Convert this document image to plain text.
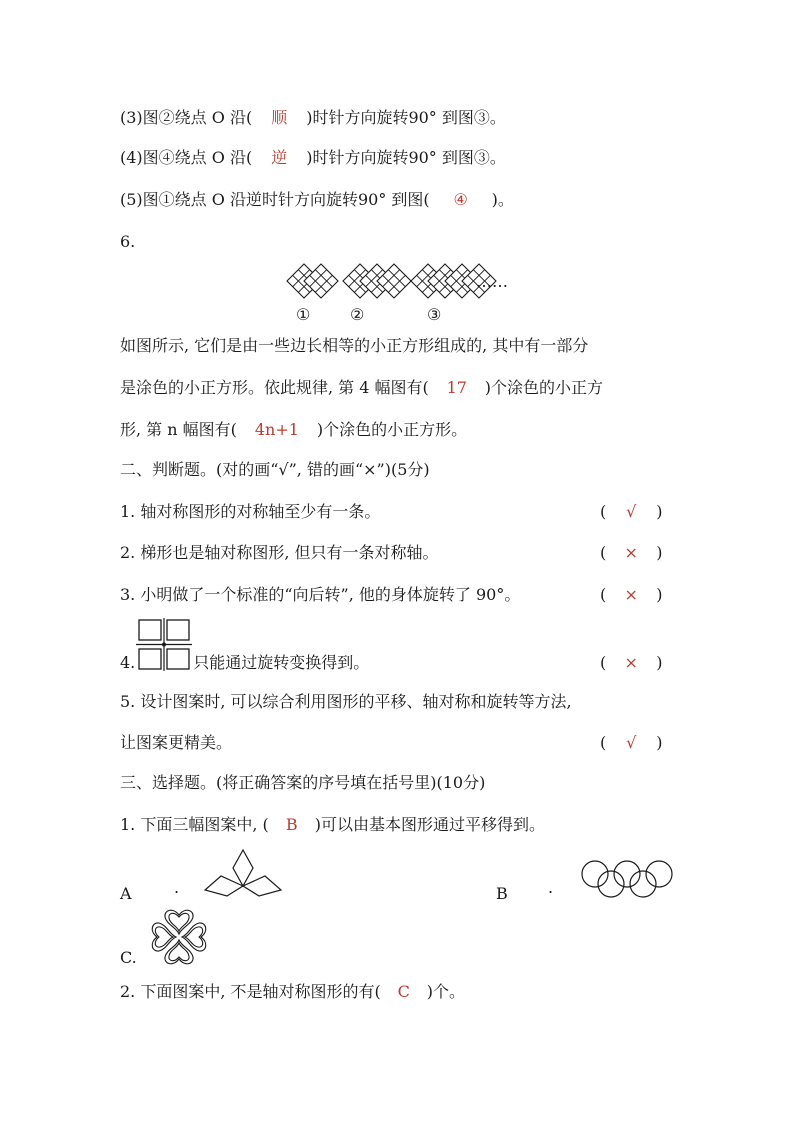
(3)图②绕点 O 沿( 顺 )时针方向旋转90° 到图③。
(4)图④绕点 O 沿( 逆 )时针方向旋转90° 到图③。
(5)图①绕点 O 沿逆时针方向旋转90° 到图( ④ )。
6.
……
① ②	③
如图所示, 它们是由一些边长相等的小正方形组成的, 其中有一部分
是涂色的小正方形。依此规律, 第 4 幅图有( 17 )个涂色的小正方
形, 第 n 幅图有( 4n+1 )个涂色的小正方形。
二、判断题。(对的画“√”, 错的画“×”)(5分)
1. 轴对称图形的对称轴至少有一条。	( √ )
2. 梯形也是轴对称图形, 但只有一条对称轴。	( × )
3. 小明做了一个标准的“向后转”, 他的身体旋转了 90°。	( × )
4.	只能通过旋转变换得到。	( × )
5. 设计图案时, 可以综合利用图形的平移、轴对称和旋转等方法,
让图案更精美。	( √ )
三、选择题。(将正确答案的序号填在括号里)(10分)
1. 下面三幅图案中, ( B )可以由基本图形通过平移得到。
A	.	B	.
C.
2. 下面图案中, 不是轴对称图形的有( C )个。
